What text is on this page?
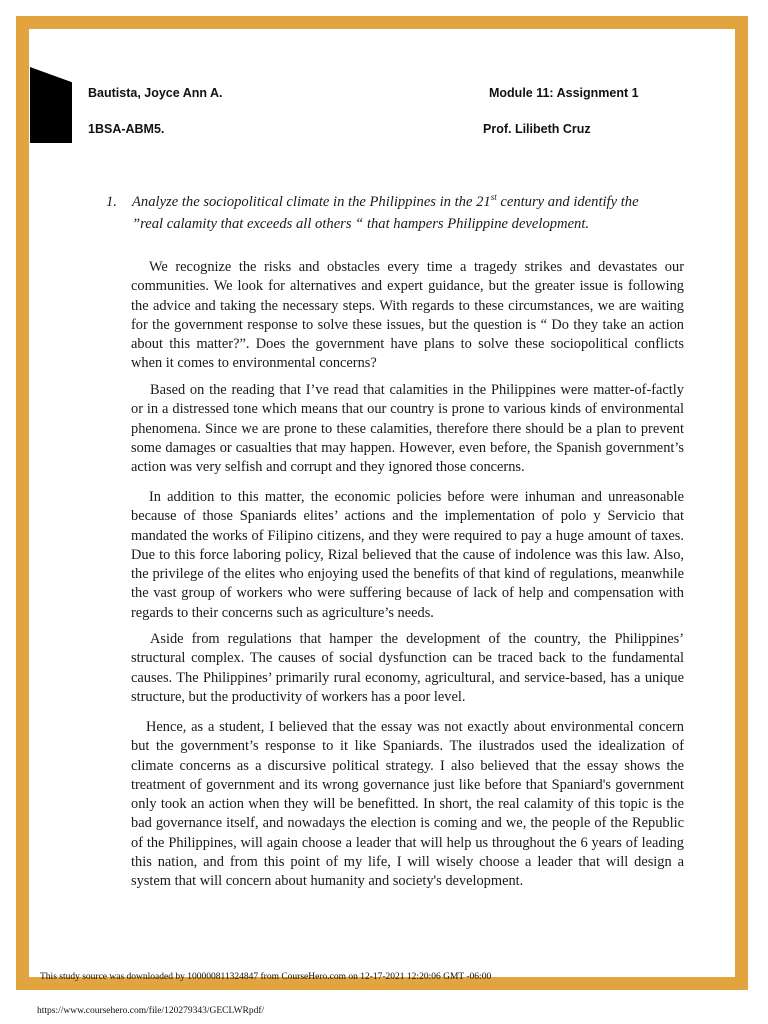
Bautista, Joyce Ann A.
1BSA-ABM5.
Module 11: Assignment 1
Prof. Lilibeth Cruz
1. Analyze the sociopolitical climate in the Philippines in the 21st century and identify the
”real calamity that exceeds all others “ that hampers Philippine development.

We recognize the risks and obstacles every time a tragedy strikes and devastates our communities. We look for alternatives and expert guidance, but the greater issue is following the advice and taking the necessary steps. With regards to these circumstances, we are waiting for the government response to solve these issues, but the question is “ Do they take an action about this matter?”. Does the government have plans to solve these sociopolitical conflicts when it comes to environmental concerns?

Based on the reading that I’ve read that calamities in the Philippines were matter-of-factly or in a distressed tone which means that our country is prone to various kinds of environmental phenomena. Since we are prone to these calamities, therefore there should be a plan to prevent some damages or casualties that may happen. However, even before, the Spanish government’s action was very selfish and corrupt and they ignored those concerns.

In addition to this matter, the economic policies before were inhuman and unreasonable because of those Spaniards elites’ actions and the implementation of polo y Servicio that mandated the works of Filipino citizens, and they were required to pay a huge amount of taxes. Due to this force laboring policy, Rizal believed that the cause of indolence was this law. Also, the privilege of the elites who enjoying used the benefits of that kind of regulations, meanwhile the vast group of workers who were suffering because of lack of help and compensation with regards to their concerns such as agriculture’s needs.

Aside from regulations that hamper the development of the country, the Philippines’ structural complex. The causes of social dysfunction can be traced back to the fundamental causes. The Philippines’ primarily rural economy, agricultural, and service-based, has a unique structure, but the productivity of workers has a poor level.

Hence, as a student, I believed that the essay was not exactly about environmental concern but the government’s response to it like Spaniards. The ilustrados used the idealization of climate concerns as a discursive political strategy. I also believed that the essay shows the treatment of government and its wrong governance just like before that Spaniard's government only took an action when they will be benefitted. In short, the real calamity of this topic is the bad governance itself, and nowadays the election is coming and we, the people of the Republic of the Philippines, will again choose a leader that will help us throughout the 6 years of leading this nation, and from this point of my life, I will wisely choose a leader that will design a system that will concern about humanity and society's development.

This study source was downloaded by 100000811324847 from CourseHero.com on 12-17-2021 12:20:06 GMT -06:00
https://www.coursehero.com/file/120279343/GECLWRpdf/
